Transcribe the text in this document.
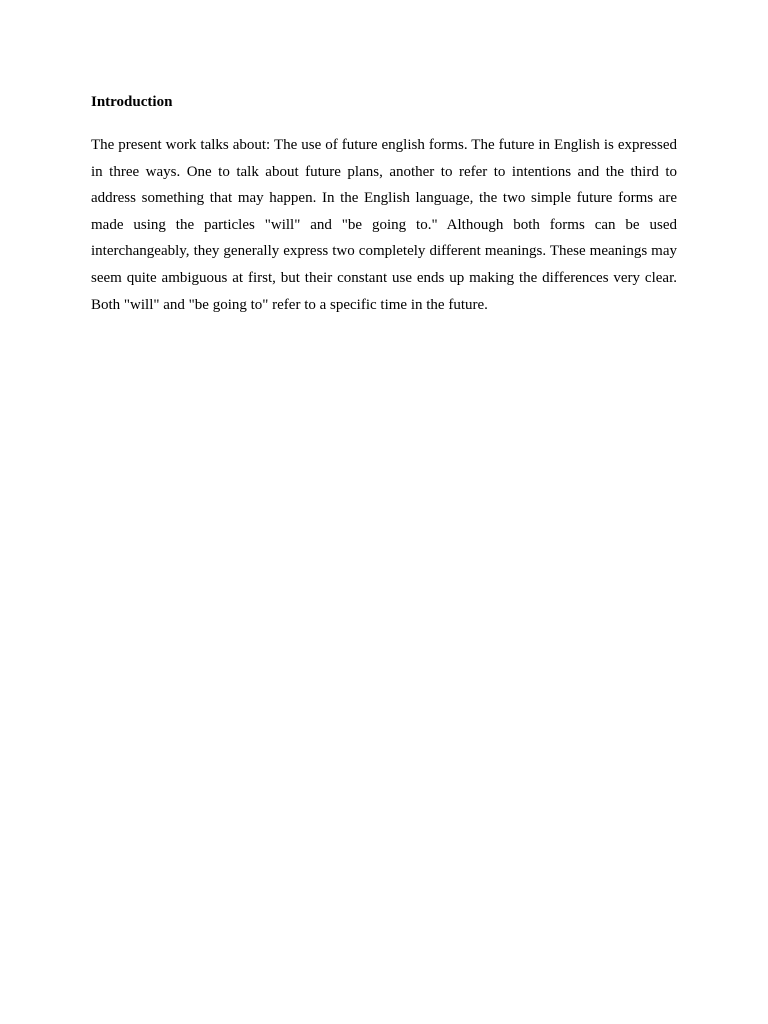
Introduction

The present work talks about: The use of future english forms. The future in English is expressed in three ways. One to talk about future plans, another to refer to intentions and the third to address something that may happen. In the English language, the two simple future forms are made using the particles "will" and "be going to." Although both forms can be used interchangeably, they generally express two completely different meanings. These meanings may seem quite ambiguous at first, but their constant use ends up making the differences very clear. Both "will" and "be going to" refer to a specific time in the future.
